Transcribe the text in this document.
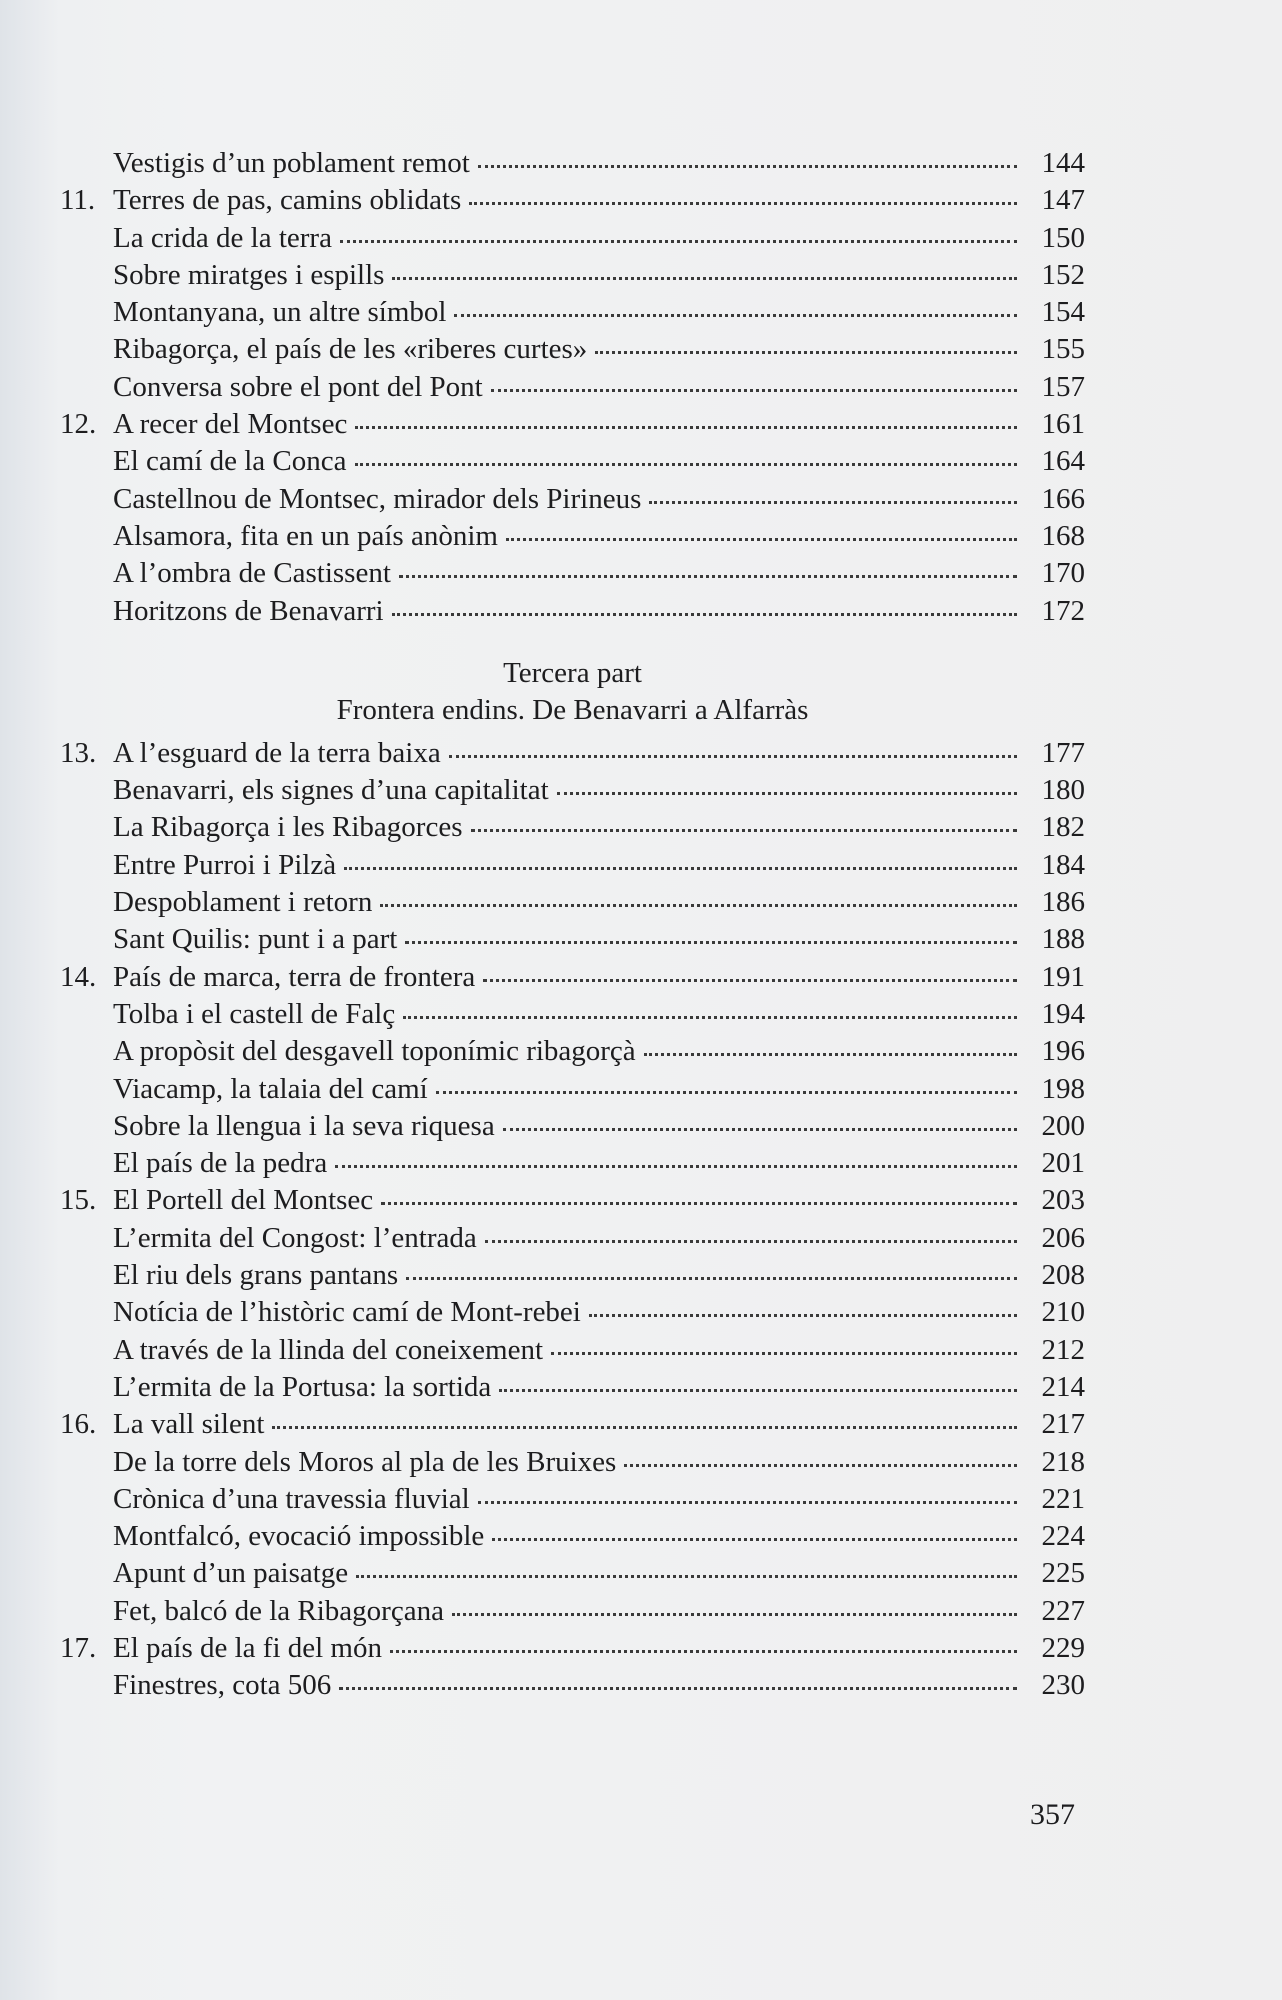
Vestigis d’un poblament remot	144
11. Terres de pas, camins oblidats	147
La crida de la terra	150
Sobre miratges i espills	152
Montanyana, un altre símbol	154
Ribagorça, el país de les «riberes curtes»	155
Conversa sobre el pont del Pont	157
12. A recer del Montsec	161
El camí de la Conca	164
Castellnou de Montsec, mirador dels Pirineus	166
Alsamora, fita en un país anònim	168
A l’ombra de Castissent	170
Horitzons de Benavarri	172
Tercera part
Frontera endins. De Benavarri a Alfarràs
13. A l’esguard de la terra baixa	177
Benavarri, els signes d’una capitalitat	180
La Ribagorça i les Ribagorces	182
Entre Purroi i Pilzà	184
Despoblament i retorn	186
Sant Quilis: punt i a part	188
14. País de marca, terra de frontera	191
Tolba i el castell de Falç	194
A propòsit del desgavell toponímic ribagorçà	196
Viacamp, la talaia del camí	198
Sobre la llengua i la seva riquesa	200
El país de la pedra	201
15. El Portell del Montsec	203
L’ermita del Congost: l’entrada	206
El riu dels grans pantans	208
Notícia de l’històric camí de Mont-rebei	210
A través de la llinda del coneixement	212
L’ermita de la Portusa: la sortida	214
16. La vall silent	217
De la torre dels Moros al pla de les Bruixes	218
Crònica d’una travessia fluvial	221
Montfalcó, evocació impossible	224
Apunt d’un paisatge	225
Fet, balcó de la Ribagorçana	227
17. El país de la fi del món	229
Finestres, cota 506	230
357
